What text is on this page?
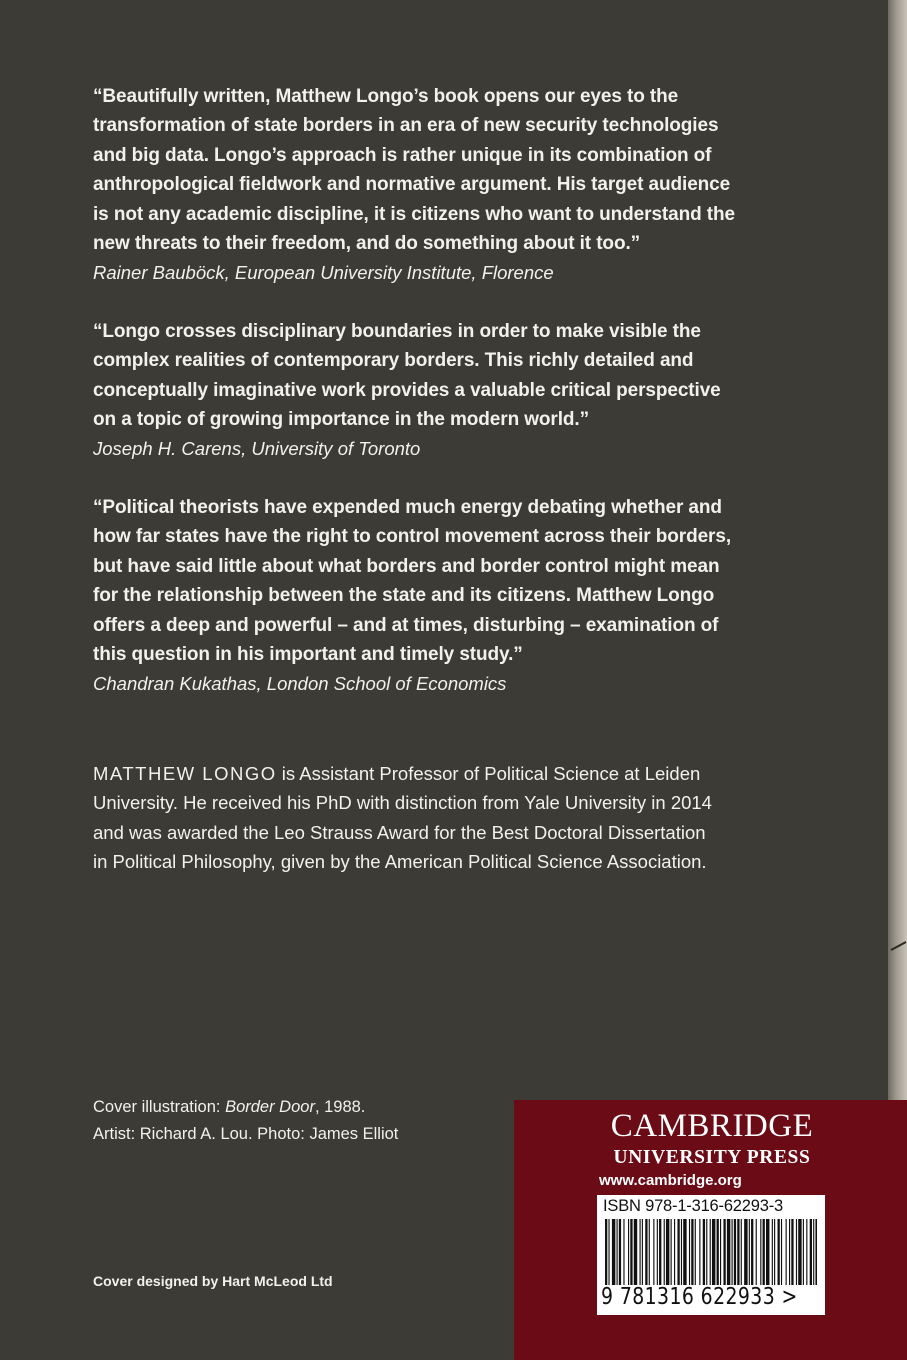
“Beautifully written, Matthew Longo’s book opens our eyes to the

transformation of state borders in an era of new security technologies

and big data. Longo’s approach is rather unique in its combination of

anthropological fieldwork and normative argument. His target audience

is not any academic discipline, it is citizens who want to understand the

new threats to their freedom, and do something about it too.”

Rainer Bauböck, European University Institute, Florence

“Longo crosses disciplinary boundaries in order to make visible the

complex realities of contemporary borders. This richly detailed and

conceptually imaginative work provides a valuable critical perspective

on a topic of growing importance in the modern world.”

Joseph H. Carens, University of Toronto

“Political theorists have expended much energy debating whether and

how far states have the right to control movement across their borders,

but have said little about what borders and border control might mean

for the relationship between the state and its citizens. Matthew Longo

offers a deep and powerful – and at times, disturbing – examination of

this question in his important and timely study.”

Chandran Kukathas, London School of Economics

MATTHEW LONGO is Assistant Professor of Political Science at Leiden
University. He received his PhD with distinction from Yale University in 2014
and was awarded the Leo Strauss Award for the Best Doctoral Dissertation
in Political Philosophy, given by the American Political Science Association.
Cover illustration: Border Door, 1988.
Artist: Richard A. Lou. Photo: James Elliot
Cover designed by Hart McLeod Ltd
CAMBRIDGE
UNIVERSITY PRESS
www.cambridge.org
ISBN 978-1-316-62293-3
9 781316 622933 >
